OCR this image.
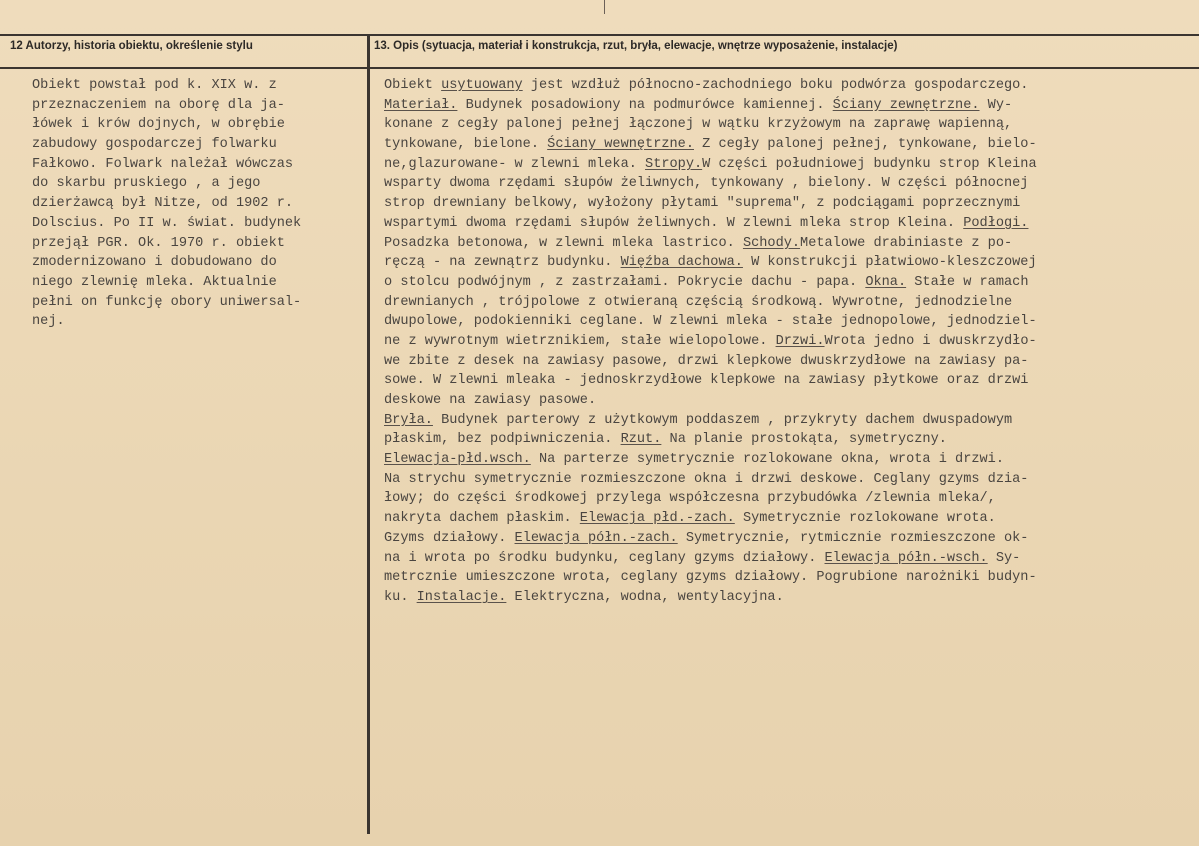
12 Autorzy, historia obiektu, określenie stylu	13. Opis (sytuacja, materiał i konstrukcja, rzut, bryła, elewacje, wnętrze wyposażenie, instalacje)
Obiekt powstał pod k. XIX w. z
przeznaczeniem na oborę dla ja-
łówek i krów dojnych, w obrębie
zabudowy gospodarczej folwarku
Fałkowo. Folwark należał wówczas
do skarbu pruskiego , a jego
dzierżawcą był Nitze, od 1902 r.
Dolscius. Po II w. świat. budynek
przejął PGR. Ok. 1970 r. obiekt
zmodernizowano i dobudowano do
niego zlewnię mleka. Aktualnie
pełni on funkcję obory uniwersal-
nej.
Obiekt usytuowany jest wzdłuż północno-zachodniego boku podwórza gospodarczego.
Materiał. Budynek posadowiony na podmurówce kamiennej. Ściany zewnętrzne. Wy-
konane z cegły palonej pełnej łączonej w wątku krzyżowym na zaprawę wapienną,
tynkowane, bielone. Ściany wewnętrzne. Z cegły palonej pełnej, tynkowane, bielo-
ne,glazurowane- w zlewni mleka. Stropy.W części południowej budynku strop Kleina
wsparty dwoma rzędami słupów żeliwnych, tynkowany , bielony. W części północnej
strop drewniany belkowy, wyłożony płytami "suprema", z podciągami poprzecznymi
wspartymi dwoma rzędami słupów żeliwnych. W zlewni mleka strop Kleina. Podłogi.
Posadzka betonowa, w zlewni mleka lastrico. Schody.Metalowe drabiniaste z po-
ręczą - na zewnątrz budynku. Więźba dachowa. W konstrukcji płatwiowo-kleszczowej
o stolcu podwójnym , z zastrzałami. Pokrycie dachu - papa. Okna. Stałe w ramach
drewnianych , trójpolowe z otwieraną częścią środkową. Wywrotne, jednodzielne
dwupolowe, podokienniki ceglane. W zlewni mleka - stałe jednopolowe, jednodziel-
ne z wywrotnym wietrznikiem, stałe wielopolowe. Drzwi.Wrota jedno i dwuskrzydło-
we zbite z desek na zawiasy pasowe, drzwi klepkowe dwuskrzydłowe na zawiasy pa-
sowe. W zlewni mleaka - jednoskrzydłowe klepkowe na zawiasy płytkowe oraz drzwi
deskowe na zawiasy pasowe.
Bryła. Budynek parterowy z użytkowym poddaszem , przykryty dachem dwuspadowym
płaskim, bez podpiwniczenia. Rzut. Na planie prostokąta, symetryczny.
Elewacja-płd.wsch. Na parterze symetrycznie rozlokowane okna, wrota i drzwi.
Na strychu symetrycznie rozmieszczone okna i drzwi deskowe. Ceglany gzyms dzia-
łowy; do części środkowej przylega współczesna przybudówka /zlewnia mleka/,
nakryta dachem płaskim. Elewacja płd.-zach. Symetrycznie rozlokowane wrota.
Gzyms działowy. Elewacja półn.-zach. Symetrycznie, rytmicznie rozmieszczone ok-
na i wrota po środku budynku, ceglany gzyms działowy. Elewacja półn.-wsch. Sy-
metrcznie umieszczone wrota, ceglany gzyms działowy. Pogrubione narożniki budyn-
ku. Instalacje. Elektryczna, wodna, wentylacyjna.
